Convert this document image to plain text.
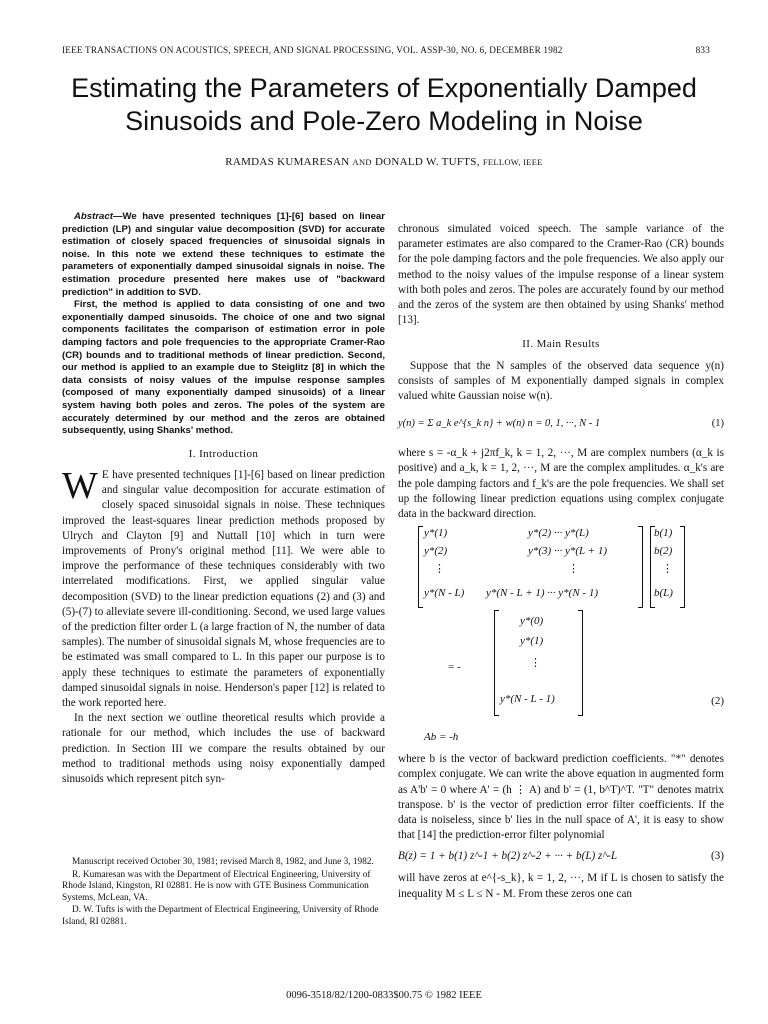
IEEE TRANSACTIONS ON ACOUSTICS, SPEECH, AND SIGNAL PROCESSING, VOL. ASSP-30, NO. 6, DECEMBER 1982	833
Estimating the Parameters of Exponentially Damped
Sinusoids and Pole-Zero Modeling in Noise
RAMDAS KUMARESAN AND DONALD W. TUFTS, FELLOW, IEEE

Abstract—We have presented techniques [1]-[6] based on linear prediction (LP) and singular value decomposition (SVD) for accurate estimation of closely spaced frequencies of sinusoidal signals in noise. In this note we extend these techniques to estimate the parameters of exponentially damped sinusoidal signals in noise. The estimation procedure presented here makes use of "backward prediction" in addition to SVD.

First, the method is applied to data consisting of one and two exponentially damped sinusoids. The choice of one and two signal components facilitates the comparison of estimation error in pole damping factors and pole frequencies to the appropriate Cramer-Rao (CR) bounds and to traditional methods of linear prediction. Second, our method is applied to an example due to Steiglitz [8] in which the data consists of noisy values of the impulse response samples (composed of many exponentially damped sinusoids) of a linear system having both poles and zeros. The poles of the system are accurately determined by our method and the zeros are obtained subsequently, using Shanks' method.

I. Introduction

W E have presented techniques [1]-[6] based on linear prediction and singular value decomposition for accurate estimation of closely spaced sinusoidal signals in noise. These techniques improved the least-squares linear prediction methods proposed by Ulrych and Clayton [9] and Nuttall [10] which in turn were improvements of Prony's original method [11]. We were able to improve the performance of these techniques considerably with two interrelated modifications. First, we applied singular value decomposition (SVD) to the linear prediction equations (2) and (3) and (5)-(7) to alleviate severe ill-conditioning. Second, we used large values of the prediction filter order L (a large fraction of N, the number of data samples). The number of sinusoidal signals M, whose frequencies are to be estimated was small compared to L. In this paper our purpose is to apply these techniques to estimate the parameters of exponentially damped sinusoidal signals in noise. Henderson's paper [12] is related to the work reported here.

In the next section we outline theoretical results which provide a rationale for our method, which includes the use of backward prediction. In Section III we compare the results obtained by our method to traditional methods using noisy exponentially damped sinusoids which represent pitch syn-

Manuscript received October 30, 1981; revised March 8, 1982, and June 3, 1982.

R. Kumaresan was with the Department of Electrical Engineering, University of Rhode Island, Kingston, RI 02881. He is now with GTE Business Communication Systems, McLean, VA.

D. W. Tufts is with the Department of Electrical Engineering, University of Rhode Island, RI 02881.

chronous simulated voiced speech. The sample variance of the parameter estimates are also compared to the Cramer-Rao (CR) bounds for the pole damping factors and the pole frequencies. We also apply our method to the noisy values of the impulse response of a linear system with both poles and zeros. The poles are accurately found by our method and the zeros of the system are then obtained by using Shanks' method [13].

II. Main Results

Suppose that the N samples of the observed data sequence y(n) consists of samples of M exponentially damped signals in complex valued white Gaussian noise w(n).

y(n) = Σ a_k e^{s_k n} + w(n) n = 0, 1, ···, N - 1	(1)

where s = -α_k + j2πf_k, k = 1, 2, ···, M are complex numbers (α_k is positive) and a_k, k = 1, 2, ···, M are the complex amplitudes. α_k's are the pole damping factors and f_k's are the pole frequencies. We shall set up the following linear prediction equations using complex conjugate data in the backward direction.

y*(1)	y*(2) ··· y*(L)
y*(2)	y*(3) ··· y*(L + 1)
⋮	⋮
y*(N - L) y*(N - L + 1) ··· y*(N - 1)
b(1)
b(2)
⋮
b(L)
= -
y*(0)
y*(1)
⋮
y*(N - L - 1)	(2)
Ab = -h

where b is the vector of backward prediction coefficients. "*" denotes complex conjugate. We can write the above equation in augmented form as A'b' = 0 where A' = (h ⋮ A) and b' = (1, b^T)^T. "T" denotes matrix transpose. b' is the vector of prediction error filter coefficients. If the data is noiseless, since b' lies in the null space of A', it is easy to show that [14] the prediction-error filter polynomial

B(z) = 1 + b(1) z^-1 + b(2) z^-2 + ··· + b(L) z^-L	(3)

will have zeros at e^{-s_k}, k = 1, 2, ···, M if L is chosen to satisfy the inequality M ≤ L ≤ N - M. From these zeros one can

0096-3518/82/1200-0833$00.75 © 1982 IEEE
